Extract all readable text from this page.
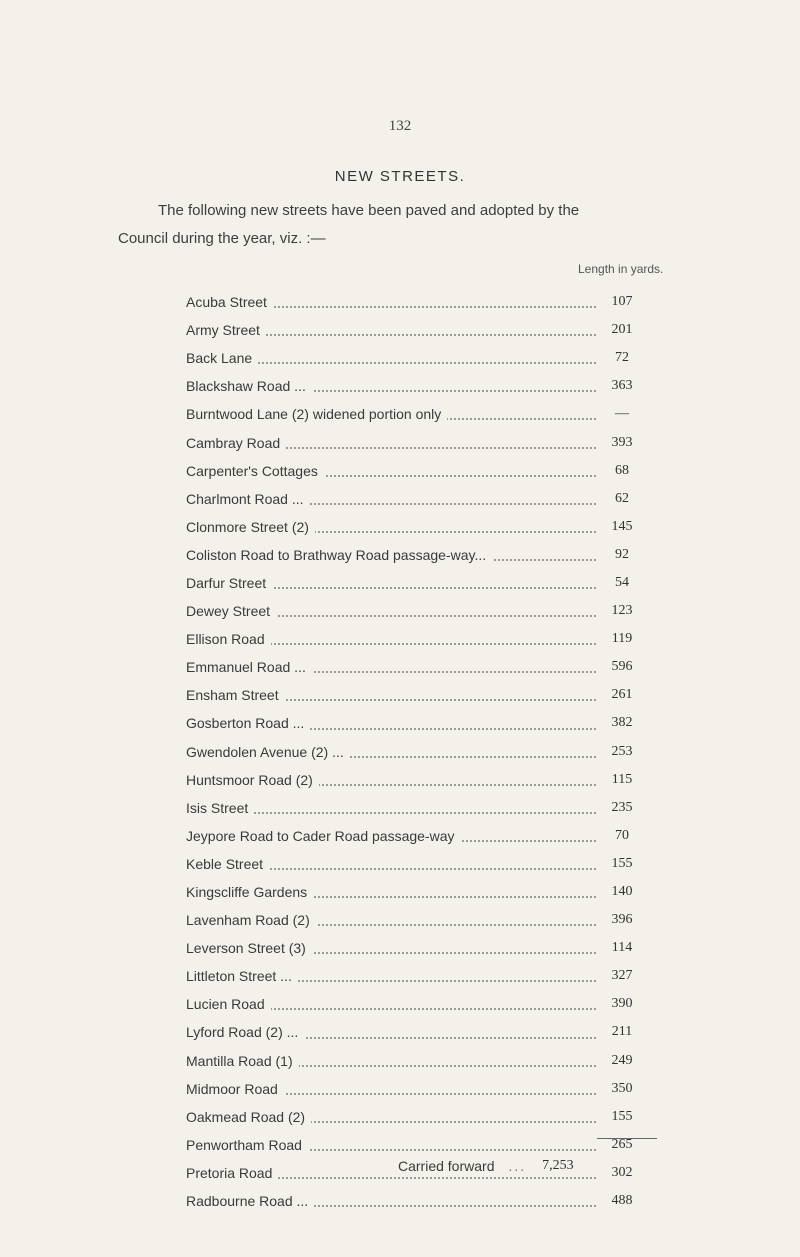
132
NEW STREETS.
The following new streets have been paved and adopted by the
Council during the year, viz. :—
Length in yards.
Acuba Street	107
Army Street	201
Back Lane	72
Blackshaw Road ...	363
Burntwood Lane (2) widened portion only	—
Cambray Road	393
Carpenter's Cottages	68
Charlmont Road ...	62
Clonmore Street (2)	145
Coliston Road to Brathway Road passage-way...	92
Darfur Street	54
Dewey Street	123
Ellison Road	119
Emmanuel Road ...	596
Ensham Street	261
Gosberton Road ...	382
Gwendolen Avenue (2) ...	253
Huntsmoor Road (2)	115
Isis Street	235
Jeypore Road to Cader Road passage-way	70
Keble Street	155
Kingscliffe Gardens	140
Lavenham Road (2)	396
Leverson Street (3)	114
Littleton Street ...	327
Lucien Road	390
Lyford Road (2) ...	211
Mantilla Road (1)	249
Midmoor Road	350
Oakmead Road (2)	155
Penwortham Road	265
Pretoria Road	302
Radbourne Road ...	488
Carried forward ... 7,253
